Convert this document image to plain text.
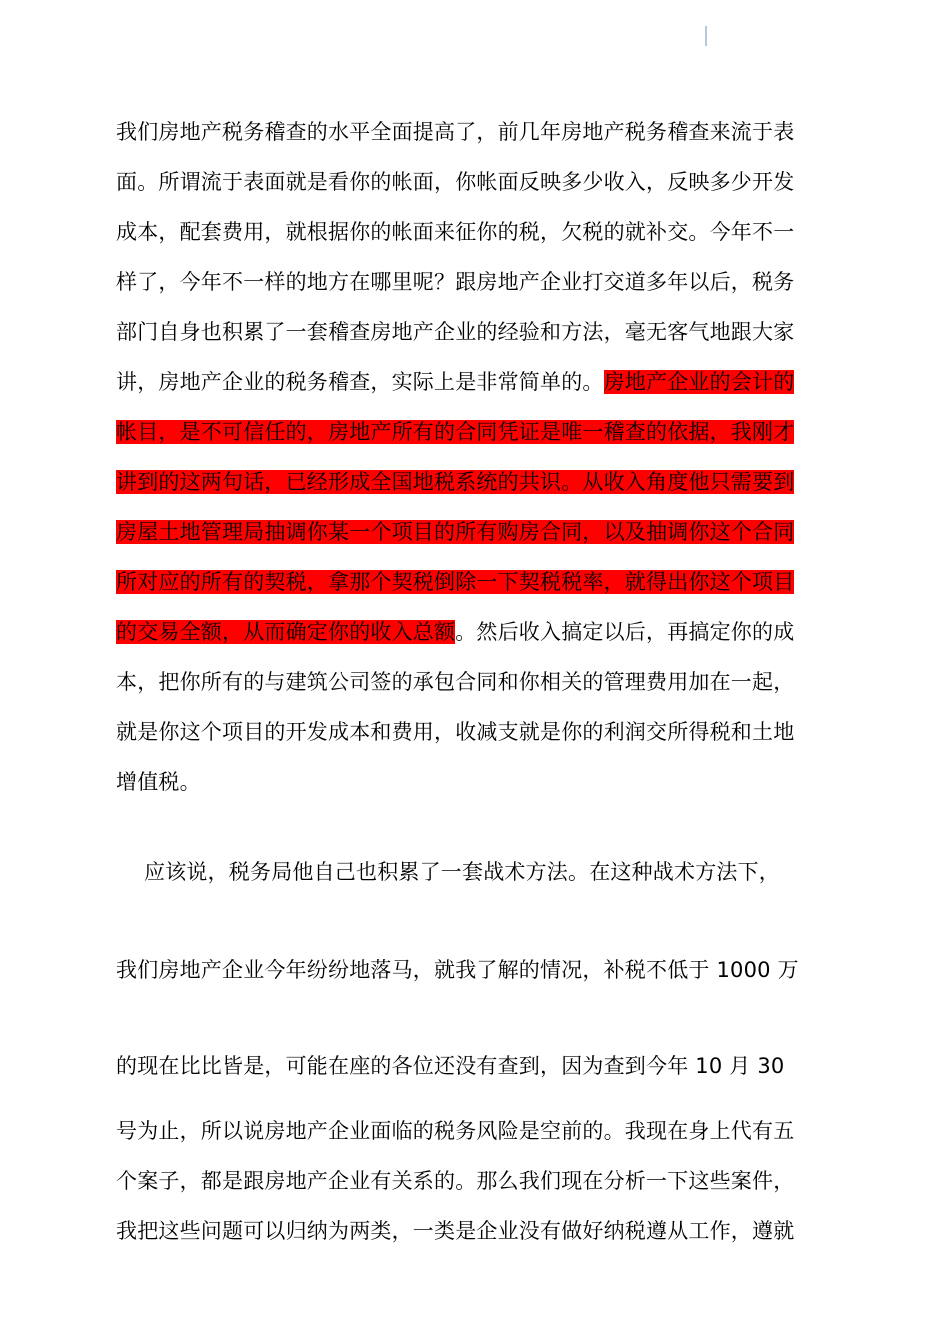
我们房地产税务稽查的水平全面提高了，前几年房地产税务稽查来流于表
面。所谓流于表面就是看你的帐面，你帐面反映多少收入，反映多少开发
成本，配套费用，就根据你的帐面来征你的税，欠税的就补交。今年不一
样了，今年不一样的地方在哪里呢？跟房地产企业打交道多年以后，税务
部门自身也积累了一套稽查房地产企业的经验和方法，毫无客气地跟大家
讲，房地产企业的税务稽查，实际上是非常简单的。房地产企业的会计的
帐目，是不可信任的，房地产所有的合同凭证是唯一稽查的依据，我刚才
讲到的这两句话，已经形成全国地税系统的共识。从收入角度他只需要到
房屋土地管理局抽调你某一个项目的所有购房合同，以及抽调你这个合同
所对应的所有的契税，拿那个契税倒除一下契税税率，就得出你这个项目
的交易全额，从而确定你的收入总额。然后收入搞定以后，再搞定你的成
本，把你所有的与建筑公司签的承包合同和你相关的管理费用加在一起，
就是你这个项目的开发成本和费用，收减支就是你的利润交所得税和土地
增值税。
应该说，税务局他自己也积累了一套战术方法。在这种战术方法下，
我们房地产企业今年纷纷地落马，就我了解的情况，补税不低于 1000 万
的现在比比皆是，可能在座的各位还没有查到，因为查到今年 10 月 30
号为止，所以说房地产企业面临的税务风险是空前的。我现在身上代有五
个案子，都是跟房地产企业有关系的。那么我们现在分析一下这些案件，
我把这些问题可以归纳为两类，一类是企业没有做好纳税遵从工作，遵就
